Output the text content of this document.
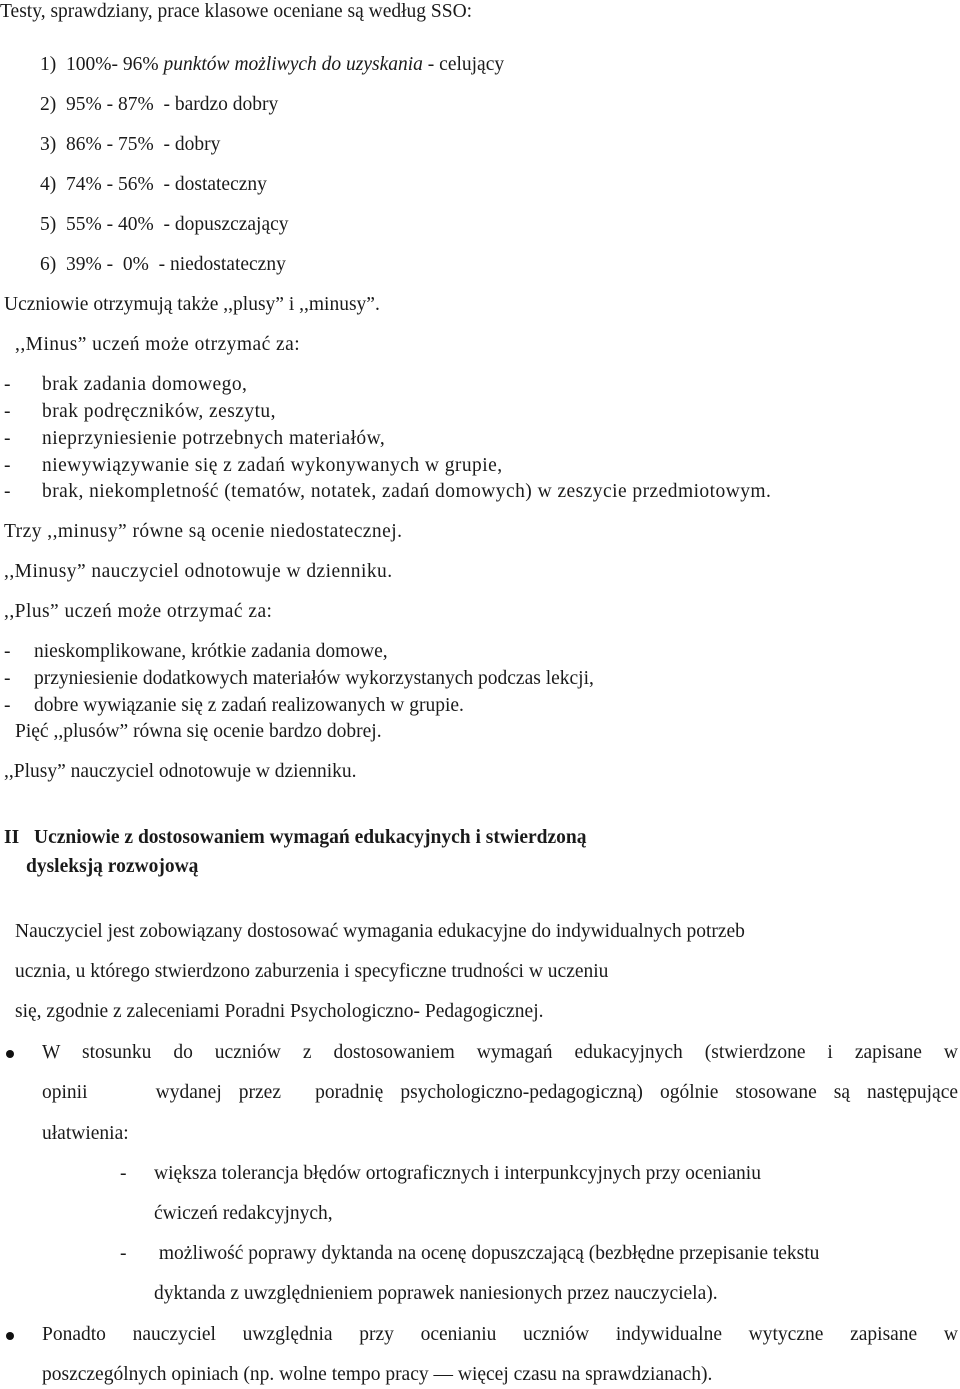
Testy, sprawdziany, prace klasowe oceniane są według SSO:
1) 100%- 96% punktów możliwych do uzyskania - celujący
2) 95% - 87%  - bardzo dobry
3) 86% - 75%  - dobry
4) 74% - 56%  - dostateczny
5) 55% - 40%  - dopuszczający
6) 39% -  0%  - niedostateczny
Uczniowie otrzymują także ,,plusy” i ,,minusy”.
,,Minus” uczeń może otrzymać za:
- brak zadania domowego,
- brak podręczników, zeszytu,
- nieprzyniesienie potrzebnych materiałów,
- niewywiązywanie się z zadań wykonywanych w grupie,
- brak, niekompletność (tematów, notatek, zadań domowych) w zeszycie przedmiotowym.
Trzy ,,minusy” równe są ocenie niedostatecznej.
,,Minusy” nauczyciel odnotowuje w dzienniku.
,,Plus” uczeń może otrzymać za:
- nieskomplikowane, krótkie zadania domowe,
- przyniesienie dodatkowych materiałów wykorzystanych podczas lekcji,
- dobre wywiązanie się z zadań realizowanych w grupie.
Pięć ,,plusów” równa się ocenie bardzo dobrej.
,,Plusy” nauczyciel odnotowuje w dzienniku.
II Uczniowie z dostosowaniem wymagań edukacyjnych i stwierdzoną
dysleksją rozwojową
Nauczyciel jest zobowiązany dostosować wymagania edukacyjne do indywidualnych potrzeb
ucznia, u którego stwierdzono zaburzenia i specyficzne trudności w uczeniu
się, zgodnie z zaleceniami Poradni Psychologiczno- Pedagogicznej.
W stosunku do uczniów z dostosowaniem wymagań edukacyjnych (stwierdzone i zapisane w
opinii    wydanej przez  poradnię psychologiczno-pedagogiczną) ogólnie stosowane są następujące
ułatwienia:
- większa tolerancja błędów ortograficznych i interpunkcyjnych przy ocenianiu
ćwiczeń redakcyjnych,
- możliwość poprawy dyktanda na ocenę dopuszczającą (bezbłędne przepisanie tekstu
dyktanda z uwzględnieniem poprawek naniesionych przez nauczyciela).
Ponadto nauczyciel uwzględnia przy ocenianiu uczniów indywidualne wytyczne zapisane w
poszczególnych opiniach (np. wolne tempo pracy — więcej czasu na sprawdzianach).
